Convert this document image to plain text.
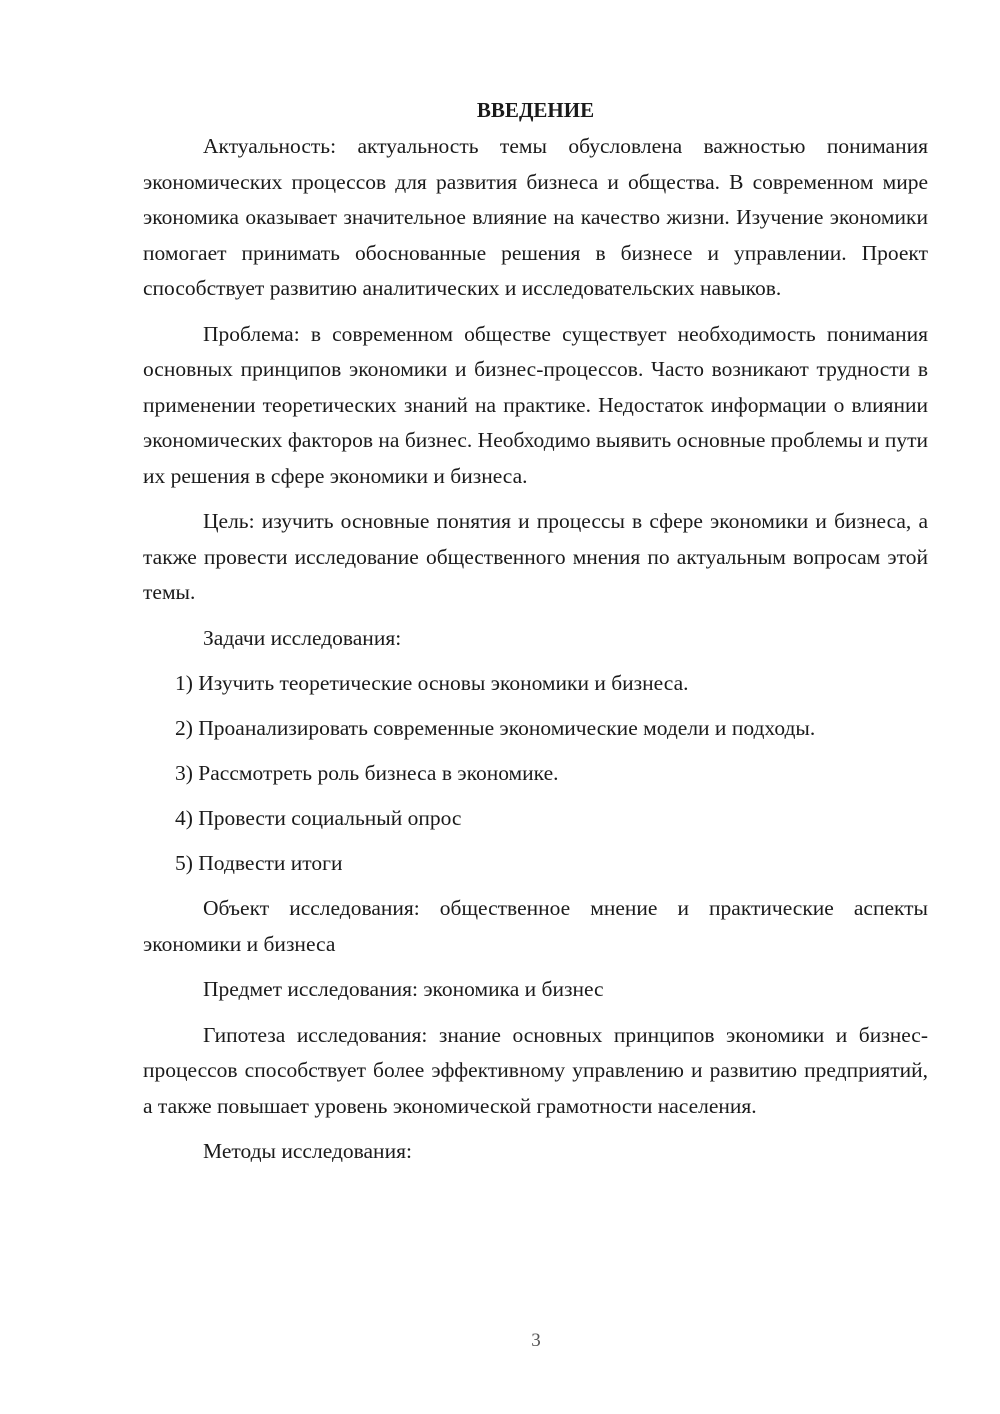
ВВЕДЕНИЕ

Актуальность: актуальность темы обусловлена важностью понимания экономических процессов для развития бизнеса и общества. В современном мире экономика оказывает значительное влияние на качество жизни. Изучение экономики помогает принимать обоснованные решения в бизнесе и управлении. Проект способствует развитию аналитических и исследовательских навыков.

Проблема: в современном обществе существует необходимость понимания основных принципов экономики и бизнес-процессов. Часто возникают трудности в применении теоретических знаний на практике. Недостаток информации о влиянии экономических факторов на бизнес. Необходимо выявить основные проблемы и пути их решения в сфере экономики и бизнеса.

Цель: изучить основные понятия и процессы в сфере экономики и бизнеса, а также провести исследование общественного мнения по актуальным вопросам этой темы.

Задачи исследования:

1) Изучить теоретические основы экономики и бизнеса.
2) Проанализировать современные экономические модели и подходы.
3) Рассмотреть роль бизнеса в экономике.
4) Провести социальный опрос
5) Подвести итоги

Объект исследования: общественное мнение и практические аспекты экономики и бизнеса

Предмет исследования: экономика и бизнес

Гипотеза исследования: знание основных принципов экономики и бизнес-процессов способствует более эффективному управлению и развитию предприятий, а также повышает уровень экономической грамотности населения.

Методы исследования:

3
